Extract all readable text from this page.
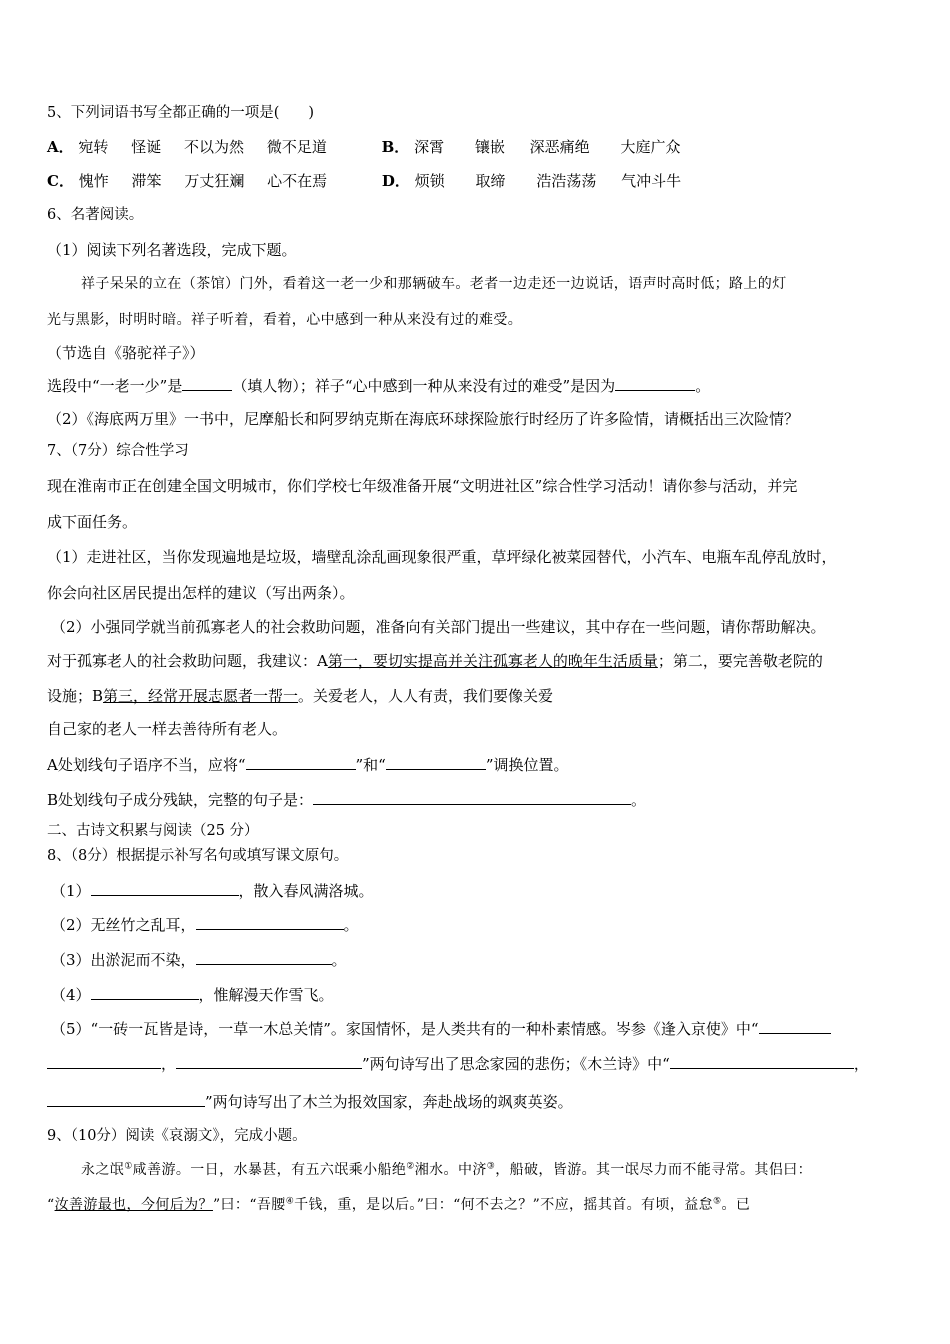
5、下列词语书写全都正确的一项是(　　)
A． 宛转 怪诞 不以为然 微不足道	B． 深霄 镶嵌 深恶痛绝 大庭广众
C． 愧怍 滞笨 万丈狂斓 心不在焉	D． 烦锁 取缔 浩浩荡荡 气冲斗牛
6、名著阅读。
（1）阅读下列名著选段，完成下题。
祥子呆呆的立在（茶馆）门外，看着这一老一少和那辆破车。老者一边走还一边说话，语声时高时低；路上的灯
光与黑影，时明时暗。祥子听着，看着，心中感到一种从来没有过的难受。
（节选自《骆驼祥子》）
选段中“一老一少”是	（填人物）；祥子“心中感到一种从来没有过的难受”是因为	。
（2）《海底两万里》一书中，尼摩船长和阿罗纳克斯在海底环球探险旅行时经历了许多险情，请概括出三次险情？
7、（7分）综合性学习
现在淮南市正在创建全国文明城市，你们学校七年级准备开展“文明进社区”综合性学习活动！请你参与活动，并完
成下面任务。
（1）走进社区，当你发现遍地是垃圾，墙壁乱涂乱画现象很严重，草坪绿化被菜园替代，小汽车、电瓶车乱停乱放时，
你会向社区居民提出怎样的建议（写出两条）。
（2）小强同学就当前孤寡老人的社会救助问题，准备向有关部门提出一些建议，其中存在一些问题，请你帮助解决。
对于孤寡老人的社会救助问题，我建议：A第一，要切实提高并关注孤寡老人的晚年生活质量；第二，要完善敬老院的
设施；B第三，经常开展志愿者一帮一。关爱老人，人人有责，我们要像关爱
自己家的老人一样去善待所有老人。
A处划线句子语序不当，应将“	”和“	”调换位置。
B处划线句子成分残缺，完整的句子是：	。
二、古诗文积累与阅读（25 分）
8、（8分）根据提示补写名句或填写课文原句。
（1）	，散入春风满洛城。
（2）无丝竹之乱耳，	。
（3）出淤泥而不染，	。
（4）	，惟解漫天作雪飞。
（5）“一砖一瓦皆是诗，一草一木总关情”。家国情怀，是人类共有的一种朴素情感。岑参《逢入京使》中“
，	”两句诗写出了思念家园的悲伤；《木兰诗》中“	，
”两句诗写出了木兰为报效国家，奔赴战场的飒爽英姿。
9、（10分）阅读《哀溺文》，完成小题。
永之氓①咸善游。一日，水暴甚，有五六氓乘小船绝②湘水。中济③，船破，皆游。其一氓尽力而不能寻常。其侣曰：
“汝善游最也，今何后为？”曰：“吾腰④千钱，重，是以后。”曰：“何不去之？”不应，摇其首。有顷，益怠⑤。已
